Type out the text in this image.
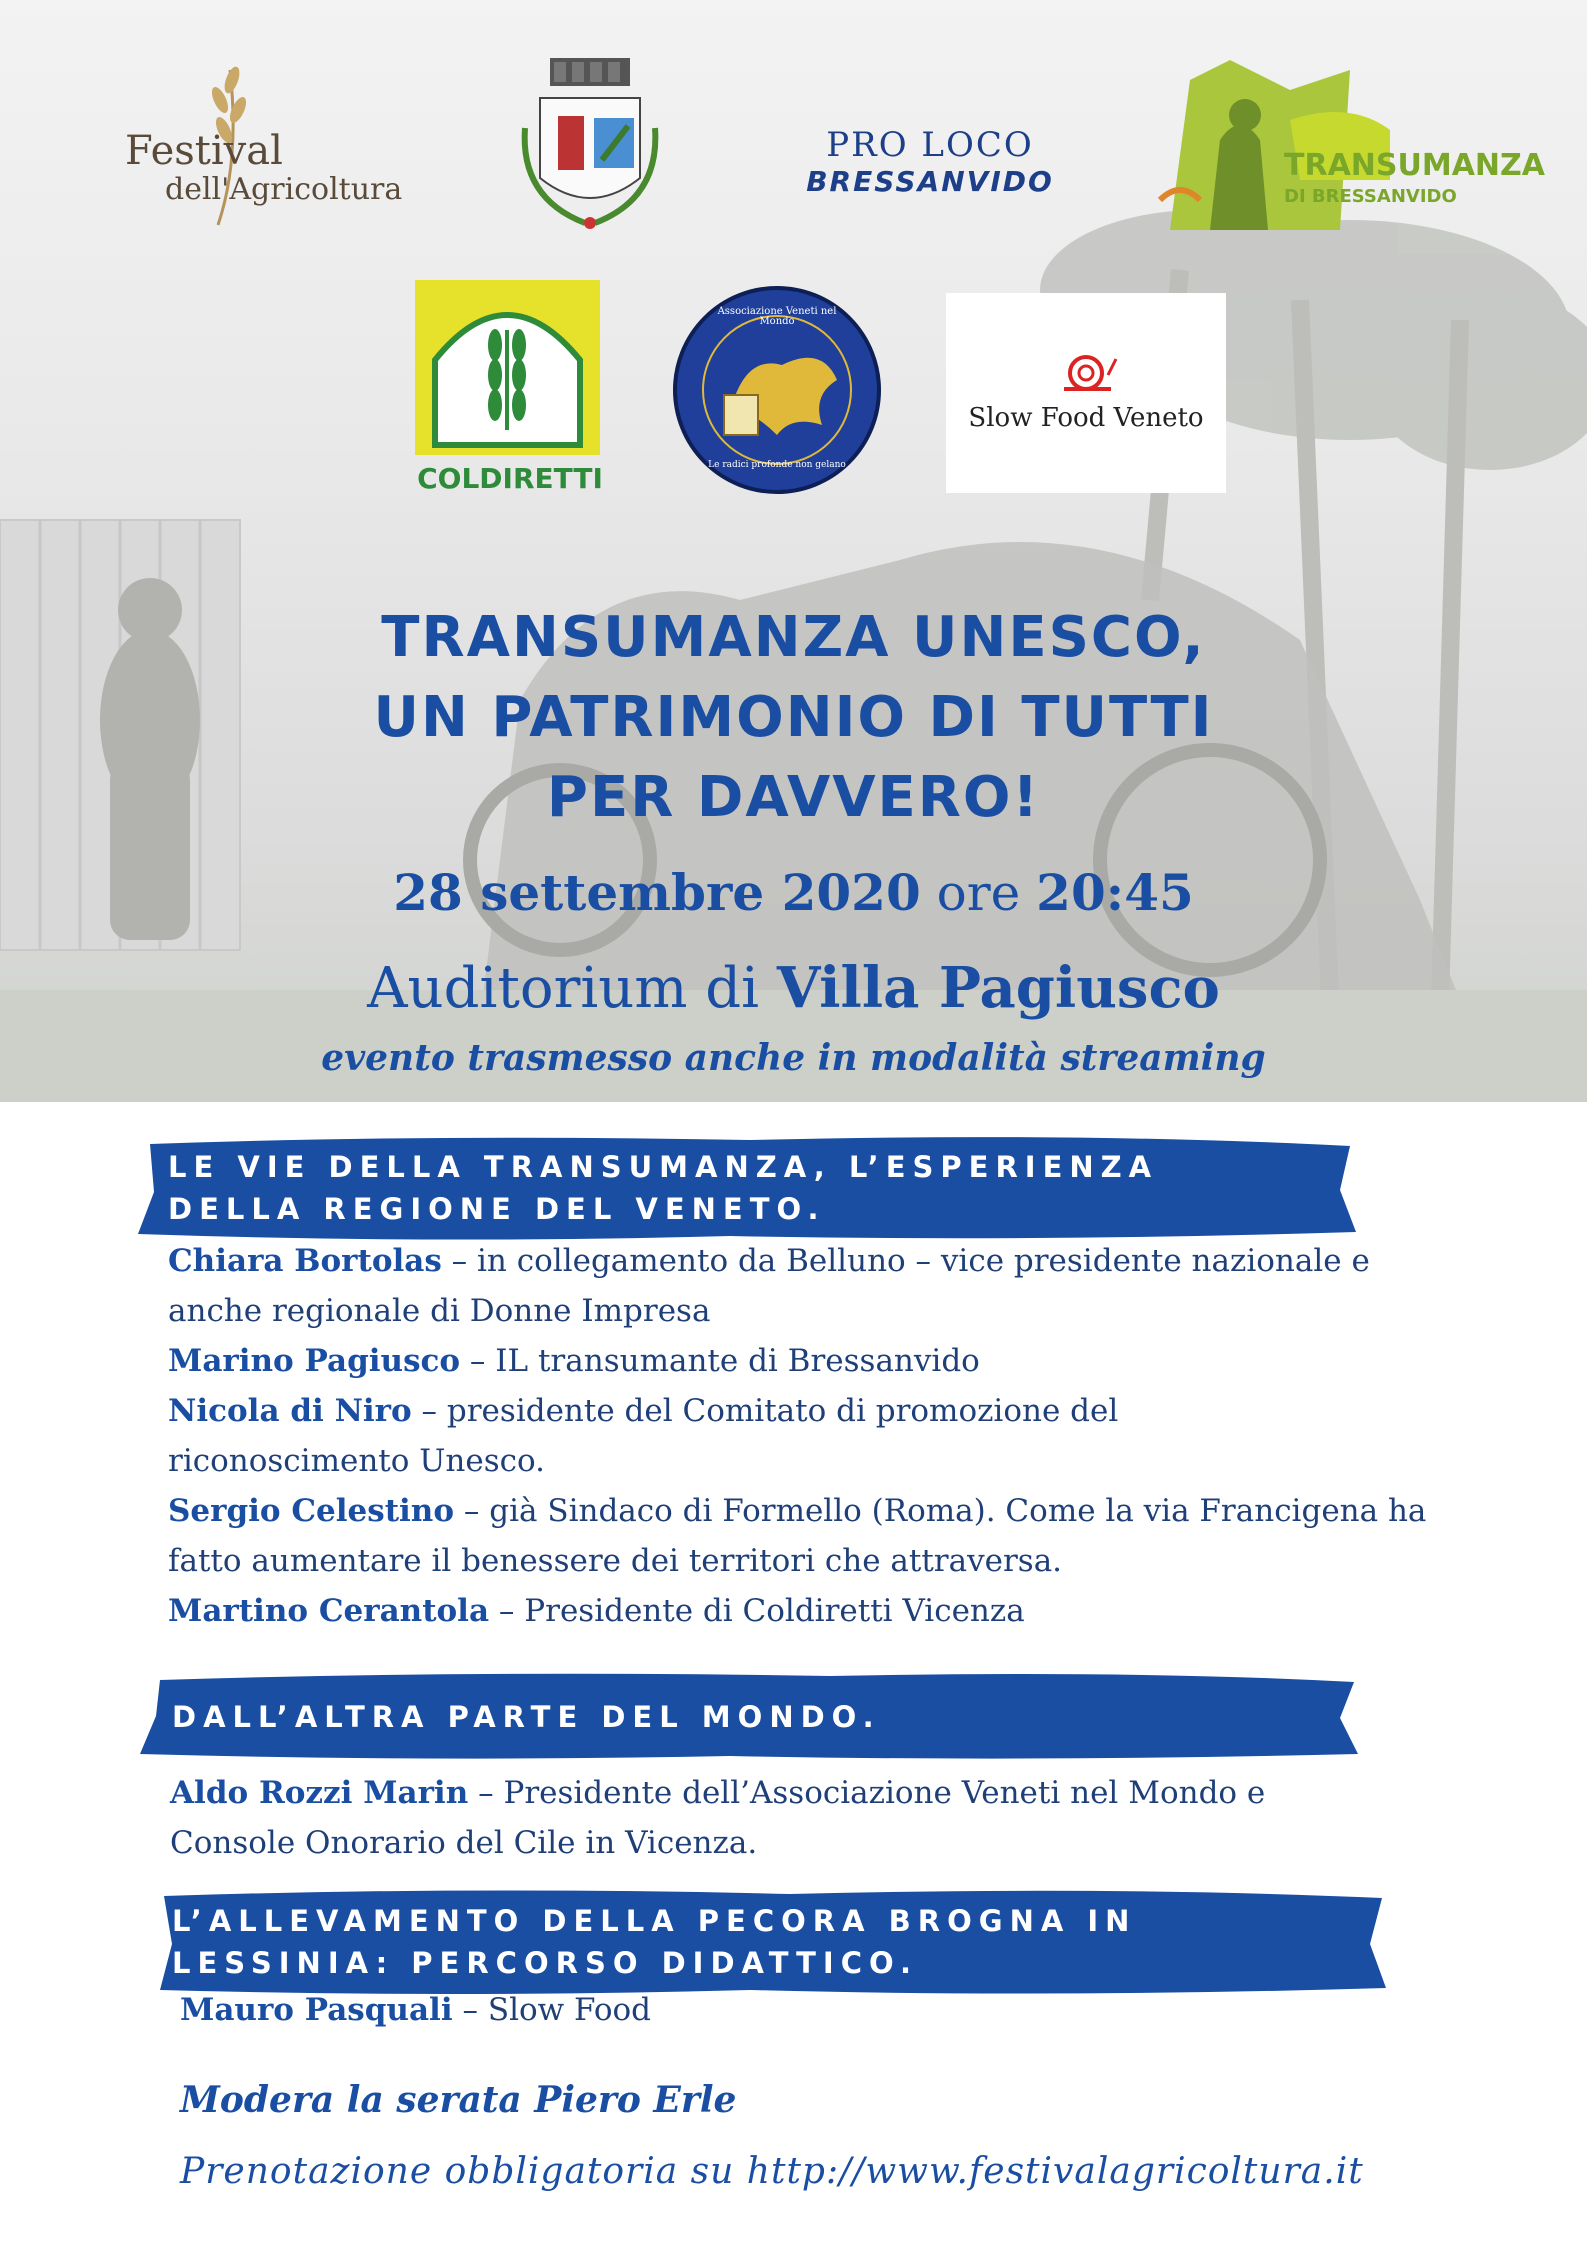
Festival
dell'Agricoltura
PRO LOCO
BRESSANVIDO	TRANSUMANZA
DI BRESSANVIDO
COLDIRETTI
Associazione Veneti nel Mondo
Le radici profonde non gelano
Slow Food Veneto
TRANSUMANZA UNESCO,
UN PATRIMONIO DI TUTTI
PER DAVVERO!
28 settembre 2020 ore 20:45
Auditorium di Villa Pagiusco
evento trasmesso anche in modalità streaming
LE VIE DELLA TRANSUMANZA, L’ESPERIENZA
DELLA REGIONE DEL VENETO.

Chiara Bortolas – in collegamento da Belluno – vice presidente nazionale e anche regionale di Donne Impresa

Marino Pagiusco – IL transumante di Bressanvido

Nicola di Niro – presidente del Comitato di promozione del riconoscimento Unesco.

Sergio Celestino – già Sindaco di Formello (Roma). Come la via Francigena ha fatto aumentare il benessere dei territori che attraversa.

Martino Cerantola – Presidente di Coldiretti Vicenza

DALL’ALTRA PARTE DEL MONDO.

Aldo Rozzi Marin – Presidente dell’Associazione Veneti nel Mondo e Console Onorario del Cile in Vicenza.

L’ALLEVAMENTO DELLA PECORA BROGNA IN
LESSINIA: PERCORSO DIDATTICO.

Mauro Pasquali – Slow Food

Modera la serata Piero Erle
Prenotazione obbligatoria su http://www.festivalagricoltura.it
